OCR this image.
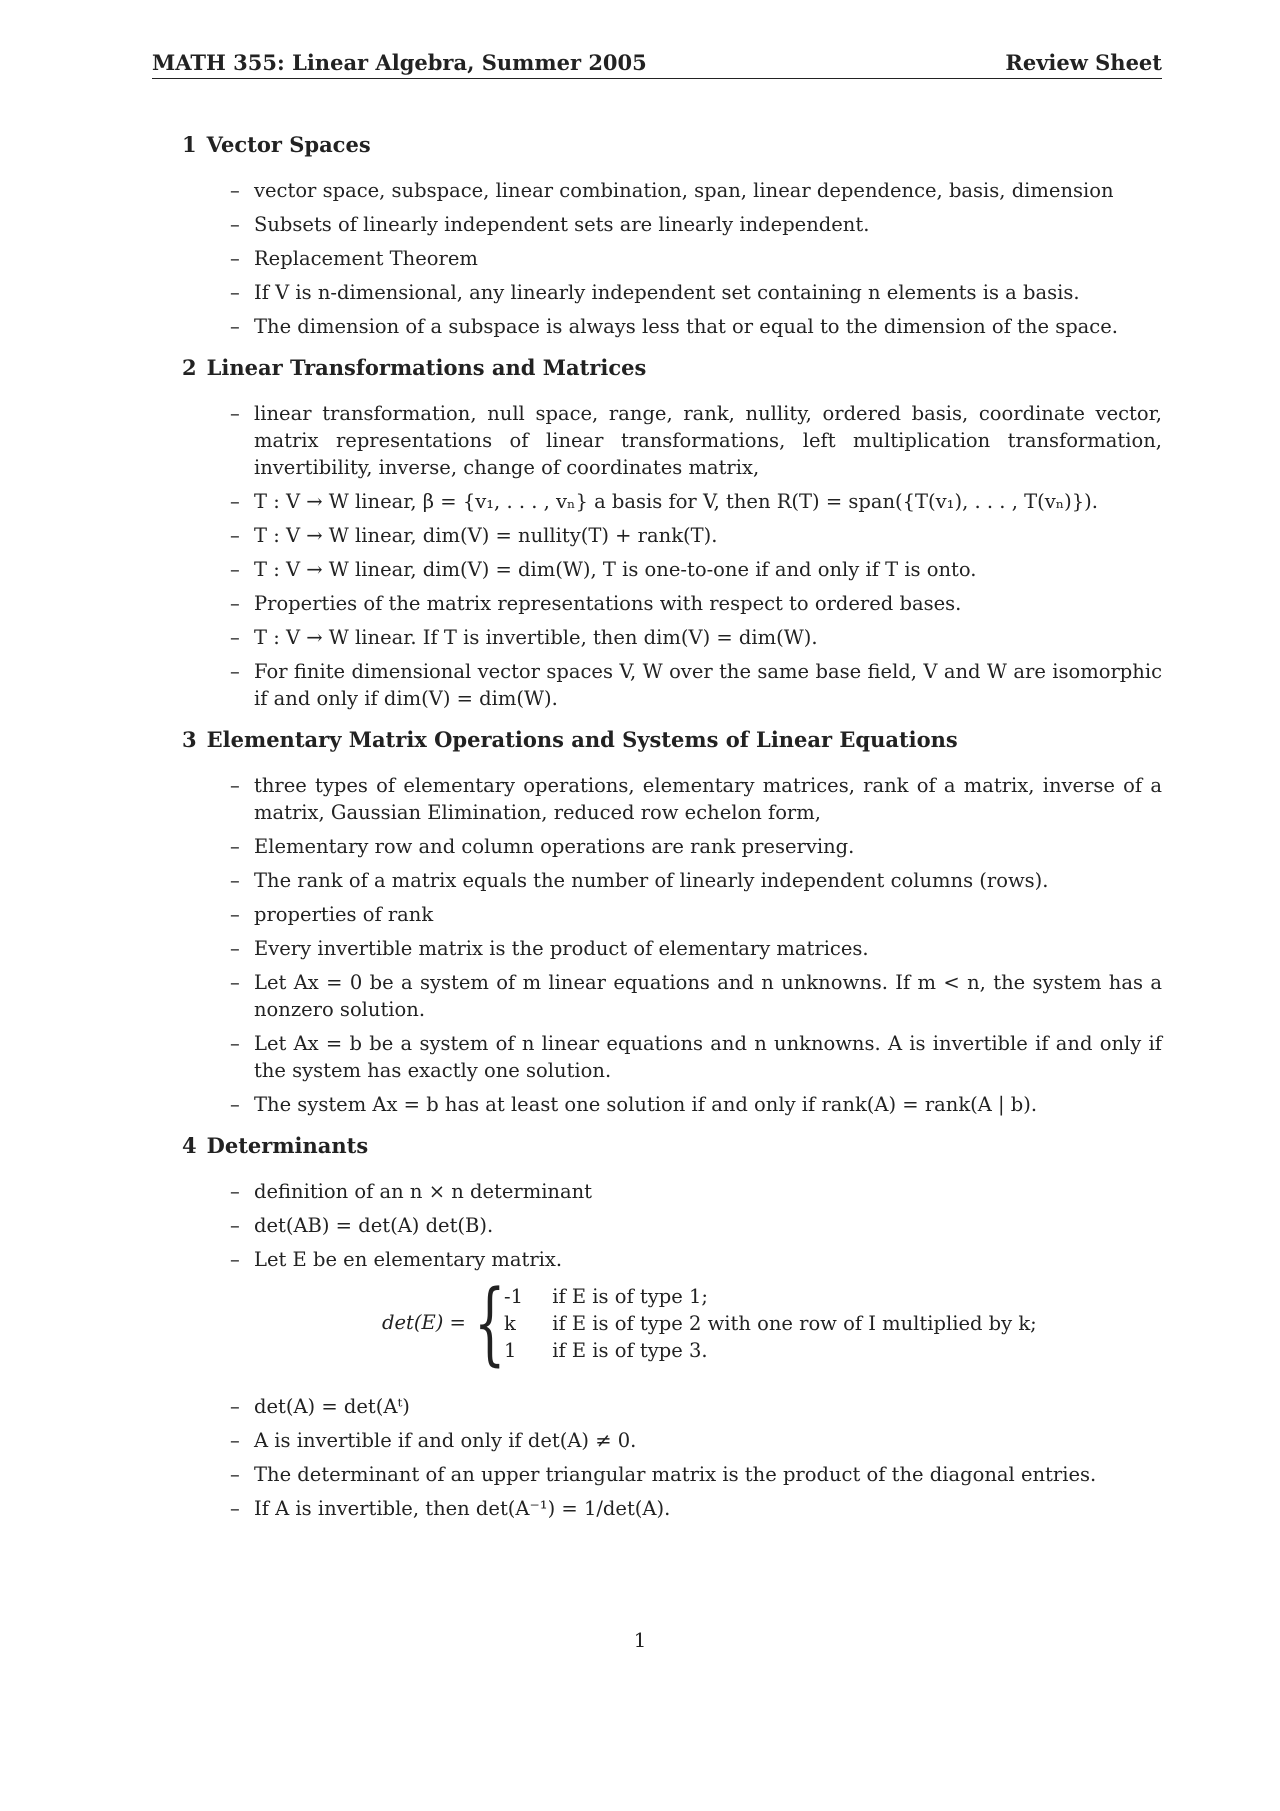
MATH 355: Linear Algebra, Summer 2005	Review Sheet
1 Vector Spaces
– vector space, subspace, linear combination, span, linear dependence, basis, dimension
– Subsets of linearly independent sets are linearly independent.
– Replacement Theorem
– If V is n-dimensional, any linearly independent set containing n elements is a basis.
– The dimension of a subspace is always less that or equal to the dimension of the space.
2 Linear Transformations and Matrices
– linear transformation, null space, range, rank, nullity, ordered basis, coordinate vector, matrix representations of linear transformations, left multiplication transformation, invertibility, inverse, change of coordinates matrix,
– T : V → W linear, β = {v₁, . . . , vₙ} a basis for V, then R(T) = span({T(v₁), . . . , T(vₙ)}).
– T : V → W linear, dim(V) = nullity(T) + rank(T).
– T : V → W linear, dim(V) = dim(W), T is one-to-one if and only if T is onto.
– Properties of the matrix representations with respect to ordered bases.
– T : V → W linear. If T is invertible, then dim(V) = dim(W).
– For finite dimensional vector spaces V, W over the same base field, V and W are isomorphic if and only if dim(V) = dim(W).
3 Elementary Matrix Operations and Systems of Linear Equations
– three types of elementary operations, elementary matrices, rank of a matrix, inverse of a matrix, Gaussian Elimination, reduced row echelon form,
– Elementary row and column operations are rank preserving.
– The rank of a matrix equals the number of linearly independent columns (rows).
– properties of rank
– Every invertible matrix is the product of elementary matrices.
– Let Ax = 0 be a system of m linear equations and n unknowns. If m < n, the system has a nonzero solution.
– Let Ax = b be a system of n linear equations and n unknowns. A is invertible if and only if the system has exactly one solution.
– The system Ax = b has at least one solution if and only if rank(A) = rank(A | b).
4 Determinants
– definition of an n × n determinant
– det(AB) = det(A) det(B).
– Let E be en elementary matrix.
det(E) = {
-1 if E is of type 1;
k if E is of type 2 with one row of I multiplied by k;
1 if E is of type 3.
– det(A) = det(Aᵗ)
– A is invertible if and only if det(A) ≠ 0.
– The determinant of an upper triangular matrix is the product of the diagonal entries.
– If A is invertible, then det(A⁻¹) = 1/det(A).
1
